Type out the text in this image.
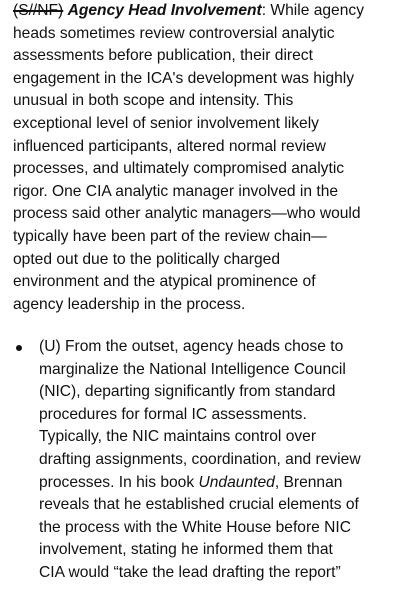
(S//NF) Agency Head Involvement: While agency
heads sometimes review controversial analytic
assessments before publication, their direct
engagement in the ICA's development was highly
unusual in both scope and intensity. This
exceptional level of senior involvement likely
influenced participants, altered normal review
processes, and ultimately compromised analytic
rigor. One CIA analytic manager involved in the
process said other analytic managers—who would
typically have been part of the review chain—
opted out due to the politically charged
environment and the atypical prominence of
agency leadership in the process.

(U) From the outset, agency heads chose to
marginalize the National Intelligence Council
(NIC), departing significantly from standard
procedures for formal IC assessments.
Typically, the NIC maintains control over
drafting assignments, coordination, and review
processes. In his book Undaunted, Brennan
reveals that he established crucial elements of
the process with the White House before NIC
involvement, stating he informed them that
CIA would “take the lead drafting the report”
